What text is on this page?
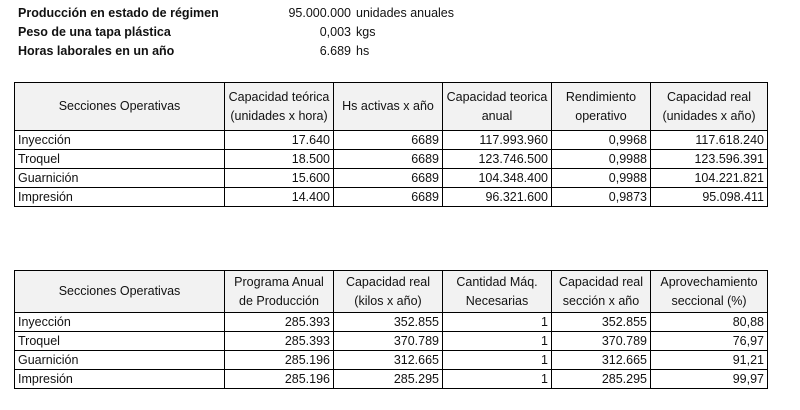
Producción en estado de régimen	95.000.000 unidades anuales
Peso de una tapa plástica	0,003 kgs
Horas laborales en un año	6.689 hs
Secciones Operativas	Capacidad teórica (unidades x hora)	Hs activas x año	Capacidad teorica anual	Rendimiento operativo	Capacidad real (unidades x año)
Inyección	17.640	6689	117.993.960	0,9968	117.618.240
Troquel	18.500	6689	123.746.500	0,9988	123.596.391
Guarnición	15.600	6689	104.348.400	0,9988	104.221.821
Impresión	14.400	6689	96.321.600	0,9873	95.098.411
Secciones Operativas	Programa Anual de Producción	Capacidad real (kilos x año)	Cantidad Máq. Necesarias	Capacidad real sección x año	Aprovechamiento seccional (%)
Inyección	285.393	352.855	1	352.855	80,88
Troquel	285.393	370.789	1	370.789	76,97
Guarnición	285.196	312.665	1	312.665	91,21
Impresión	285.196	285.295	1	285.295	99,97
